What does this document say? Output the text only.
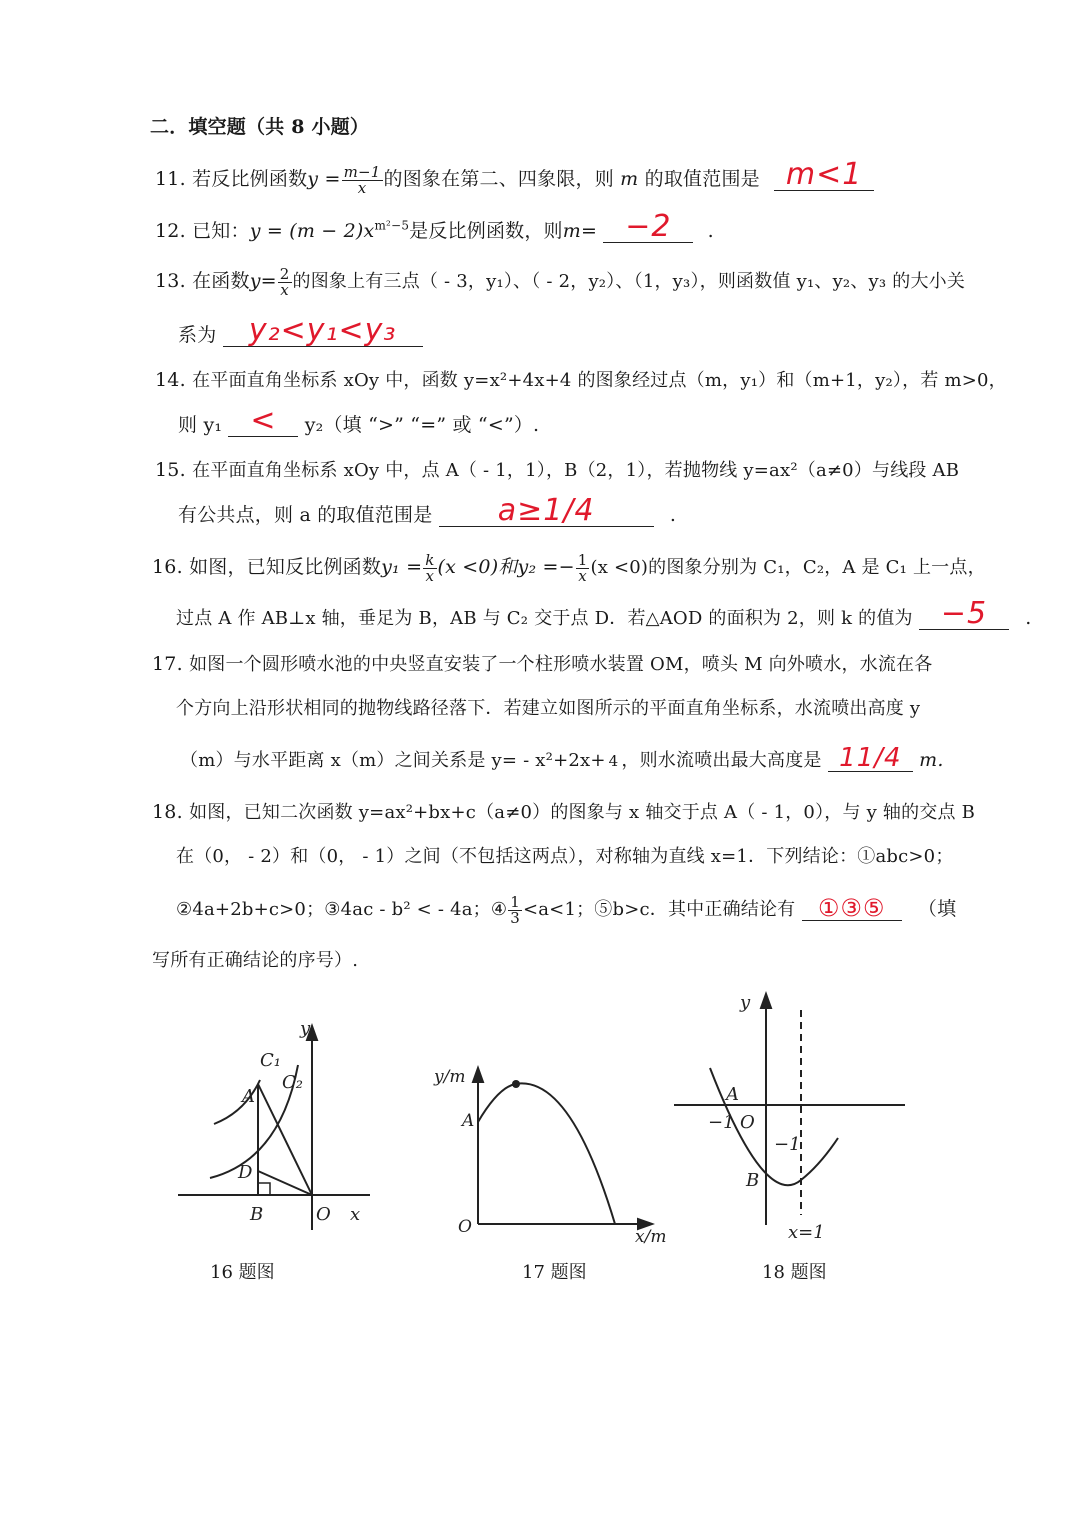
二．填空题（共 8 小题）
11. 若反比例函数$y = \frac{m-1}{x}$ 的图象在第二、四象限，则 m 的取值范围是 m<1
12. 已知：$y = (m - 2)x^{m^2-5}$是反比例函数，则m= −2	.
13. 在函数$y= \frac{2}{x}$ 的图象上有三点（ - 3，y₁）、（ - 2，y₂）、（1，y₃），则函数值 y₁、y₂、y₃ 的大小关
系为	y₂<y₁<y₃
14. 在平面直角坐标系 xOy 中，函数 y=x²+4x+4 的图象经过点（m，y₁）和（m+1，y₂），若 m>0，
则 y₁ <	y₂（填 “>” “=” 或 “<”）.
15. 在平面直角坐标系 xOy 中，点 A（ - 1，1），B（2，1），若抛物线 y=ax²（a≠0）与线段 AB
有公共点，则 a 的取值范围是	a≥1/4	.
16. 如图，已知反比例函数$y_1 = \frac{k}{x} (x <0)$和$y_2 =- \frac{1}{x} (x <0)$的图象分别为 C₁，C₂，A 是 C₁ 上一点，
过点 A 作 AB⊥x 轴，垂足为 B，AB 与 C₂ 交于点 D．若△AOD 的面积为 2，则 k 的值为 −5	.
17. 如图一个圆形喷水池的中央竖直安装了一个柱形喷水装置 OM，喷头 M 向外喷水，水流在各
个方向上沿形状相同的抛物线路径落下．若建立如图所示的平面直角坐标系，水流喷出高度 y
（m）与水平距离 x（m）之间关系是 y= - x²+2x+ 4 ，则水流喷出最大高度是 11/4 m.
18. 如图，已知二次函数 y=ax²+bx+c（a≠0）的图象与 x 轴交于点 A（ - 1，0），与 y 轴的交点 B
在（0， - 2）和（0， - 1）之间（不包括这两点），对称轴为直线 x=1．下列结论：①abc>0；
②4a+2b+c>0；③4ac - b² < - 4a；④ $\frac{1}{3} <a<1$；⑤b>c．其中正确结论有 ①③⑤	（填
写所有正确结论的序号）.
y
x
O
A
B
D
C₁
C₂
16 题图
y/m
x/m
O
A
17 题图
y
A
−1 O
−1
B
x=1
18 题图
